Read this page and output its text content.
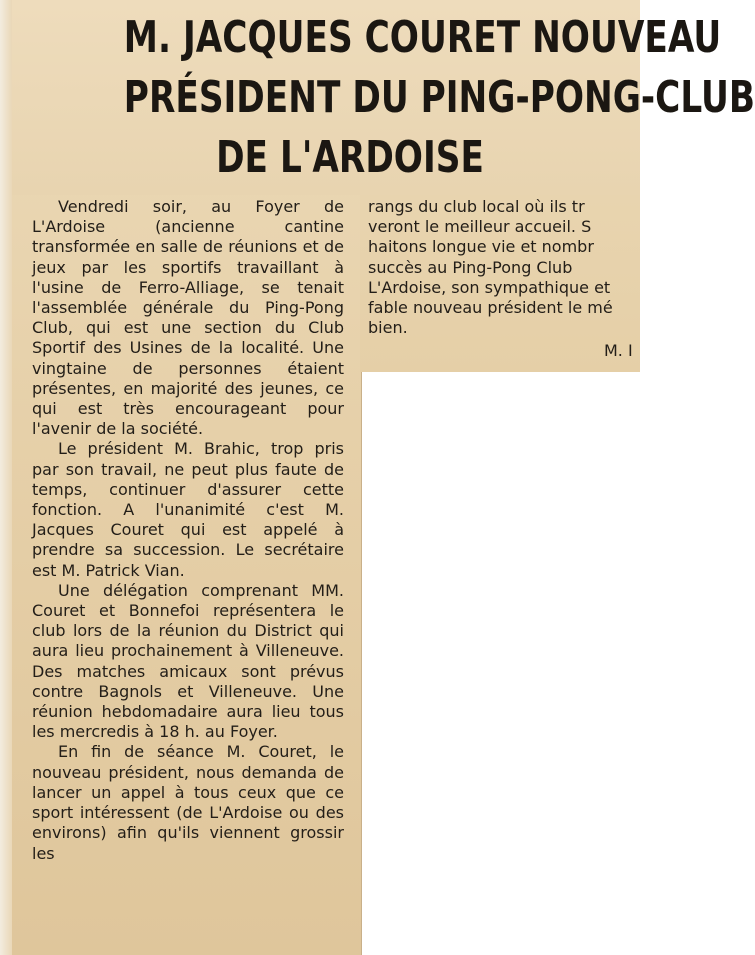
M. JACQUES COURET NOUVEAU
PRÉSIDENT DU PING-PONG-CLUB
DE L'ARDOISE

Vendredi soir, au Foyer de L'Ardoise (ancienne cantine transformée en salle de réunions et de jeux par les sportifs travaillant à l'usine de Ferro-Alliage, se tenait l'assemblée générale du Ping-Pong Club, qui est une section du Club Sportif des Usines de la localité. Une vingtaine de personnes étaient présentes, en majorité des jeunes, ce qui est très encourageant pour l'avenir de la société.

Le président M. Brahic, trop pris par son travail, ne peut plus faute de temps, continuer d'assurer cette fonction. A l'unanimité c'est M. Jacques Couret qui est appelé à prendre sa succession. Le secrétaire est M. Patrick Vian.

Une délégation comprenant MM. Couret et Bonnefoi représentera le club lors de la réunion du District qui aura lieu prochainement à Villeneuve. Des matches amicaux sont prévus contre Bagnols et Villeneuve. Une réunion hebdomadaire aura lieu tous les mercredis à 18 h. au Foyer.

En fin de séance M. Couret, le nouveau président, nous demanda de lancer un appel à tous ceux que ce sport intéressent (de L'Ardoise ou des environs) afin qu'ils viennent grossir les

rangs du club local où ils tr

veront le meilleur accueil. S

haitons longue vie et nombr

succès au Ping-Pong Club

L'Ardoise, son sympathique et

fable nouveau président le mé

bien.

M. I
